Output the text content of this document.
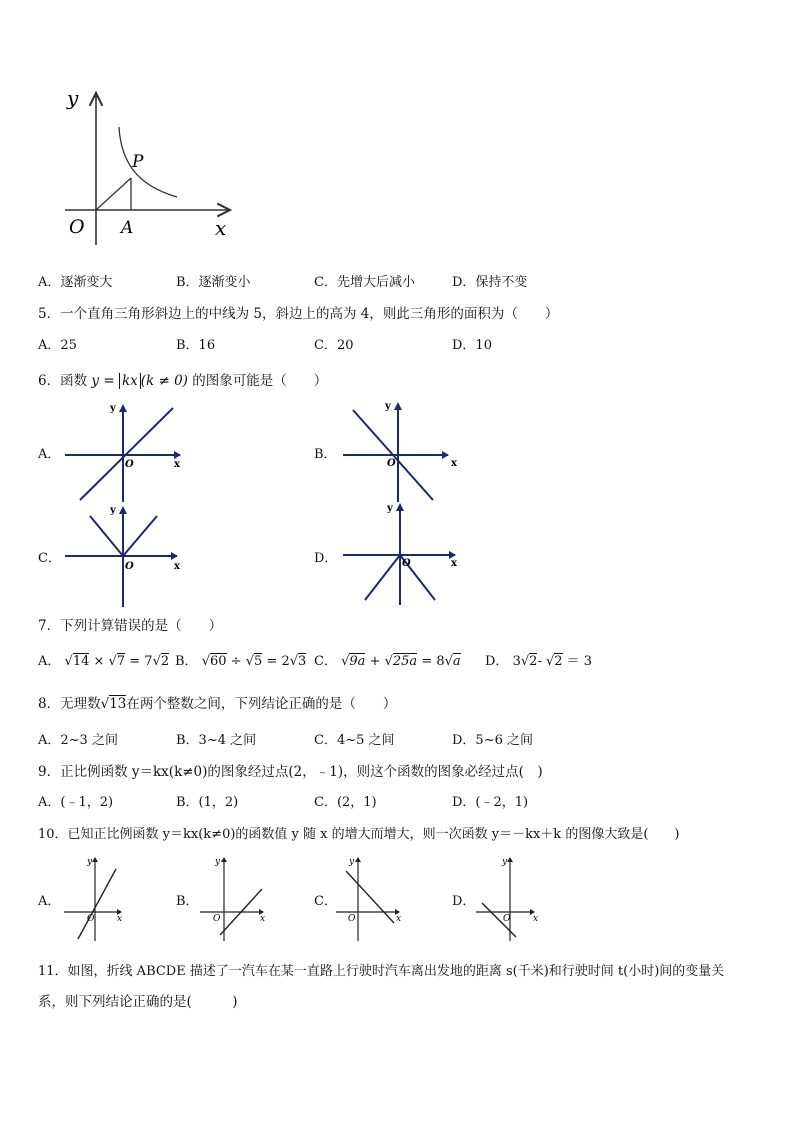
y
x
O A
P
A．逐渐变大	B．逐渐变小	C．先增大后减小	D．保持不变
5．一个直角三角形斜边上的中线为 5，斜边上的高为 4，则此三角形的面积为（　　）
A．25	B．16	C．20	D．10
6．函数 y = kx (k ≠ 0) 的图象可能是（　　）
A．	B．
C．	D．
y
x
O
y
x
O
y
x
O
y
x
O
7．下列计算错误的是（　　）
A． √14 × √7 = 7√2 B． √60 ÷ √5 = 2√3 C． √9a + √25a = 8√a D． 3√2- √2 ＝ 3
8．无理数√13在两个整数之间，下列结论正确的是（　　）
A．2~3 之间	B．3~4 之间	C．4~5 之间	D．5~6 之间
9．正比例函数 y＝kx(k≠0)的图象经过点(2，﹣1)，则这个函数的图象必经过点(　)
A．(﹣1，2)	B．(1，2)	C．(2，1)	D．(﹣2，1)
10．已知正比例函数 y＝kx(k≠0)的函数值 y 随 x 的增大而增大，则一次函数 y＝－kx＋k 的图像大致是(　　)
A．	B．	C．	D．
y
x
O
y
x
O
y
x
O
y
x
O
11．如图，折线 ABCDE 描述了一汽车在某一直路上行驶时汽车离出发地的距离 s(千米)和行驶时间 t(小时)间的变量关
系，则下列结论正确的是(　　　)
